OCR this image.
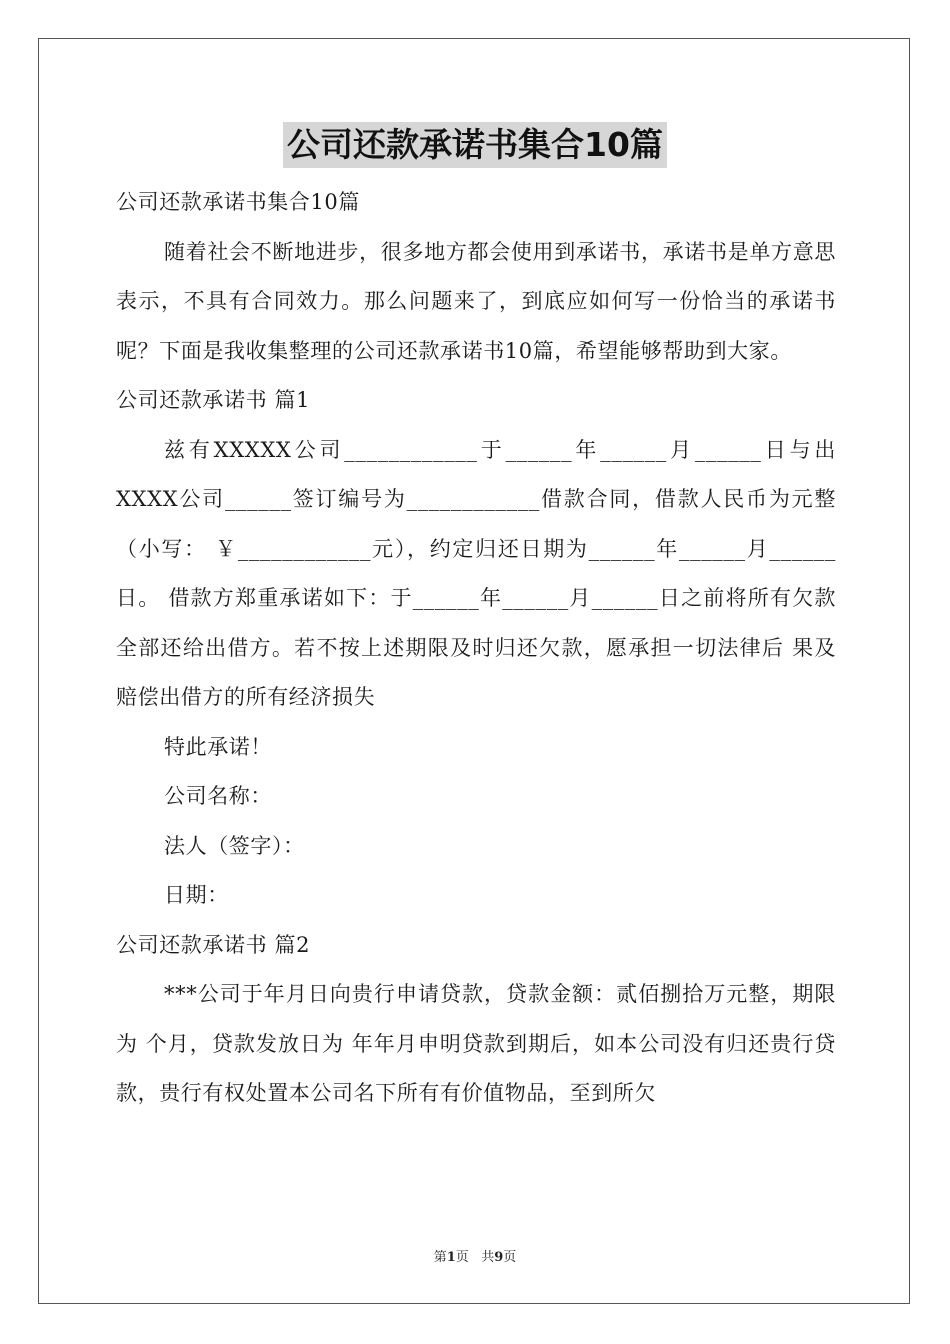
公司还款承诺书集合10篇

公司还款承诺书集合10篇

随着社会不断地进步，很多地方都会使用到承诺书，承诺书是单方意思表示，不具有合同效力。那么问题来了，到底应如何写一份恰当的承诺书呢？下面是我收集整理的公司还款承诺书10篇，希望能够帮助到大家。

公司还款承诺书 篇1

兹有XXXXX公司____________于______年______月______日与出XXXX公司______签订编号为____________借款合同，借款人民币为元整（小写： ￥____________元），约定归还日期为______年______月______日。 借款方郑重承诺如下：于______年______月______日之前将所有欠款 全部还给出借方。若不按上述期限及时归还欠款，愿承担一切法律后 果及赔偿出借方的所有经济损失

特此承诺！

公司名称：

法人（签字）：

日期：

公司还款承诺书 篇2

***公司于年月日向贵行申请贷款，贷款金额：贰佰捌拾万元整，期限为 个月，贷款发放日为 年年月申明贷款到期后，如本公司没有归还贵行贷款，贵行有权处置本公司名下所有有价值物品，至到所欠

第1页 共9页
